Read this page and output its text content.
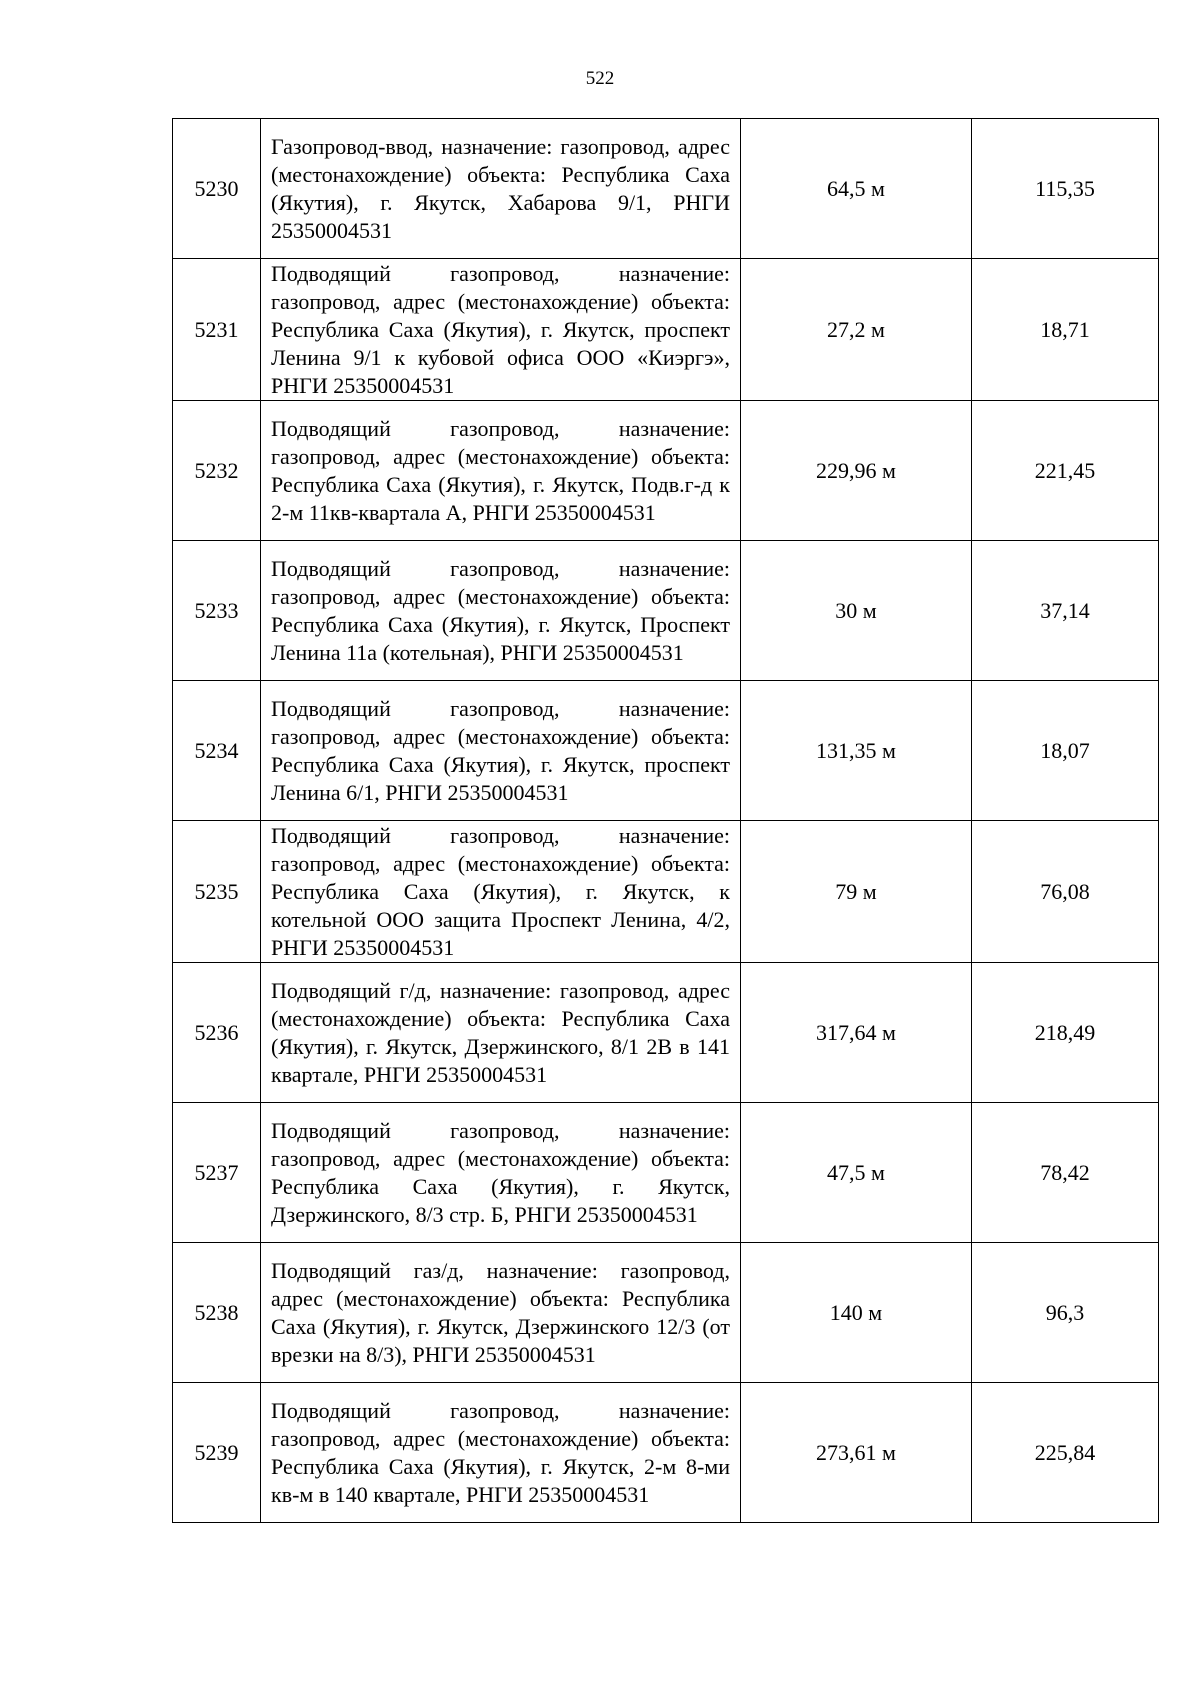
522
5230	Газопровод-ввод, назначение: газопровод, адрес (местонахождение) объекта: Республика Саха (Якутия), г. Якутск, Хабарова 9/1, РНГИ 25350004531	64,5 м	115,35
5231	Подводящий газопровод, назначение: газопровод, адрес (местонахождение) объекта: Республика Саха (Якутия), г. Якутск, проспект Ленина 9/1 к кубовой офиса ООО «Киэргэ», РНГИ 25350004531	27,2 м	18,71
5232	Подводящий газопровод, назначение: газопровод, адрес (местонахождение) объекта: Республика Саха (Якутия), г. Якутск, Подв.г-д к 2-м 11кв-квартала А, РНГИ 25350004531	229,96 м	221,45
5233	Подводящий газопровод, назначение: газопровод, адрес (местонахождение) объекта: Республика Саха (Якутия), г. Якутск, Проспект Ленина 11а (котельная), РНГИ 25350004531	30 м	37,14
5234	Подводящий газопровод, назначение: газопровод, адрес (местонахождение) объекта: Республика Саха (Якутия), г. Якутск, проспект Ленина 6/1, РНГИ 25350004531	131,35 м	18,07
5235	Подводящий газопровод, назначение: газопровод, адрес (местонахождение) объекта: Республика Саха (Якутия), г. Якутск, к котельной ООО защита Проспект Ленина, 4/2, РНГИ 25350004531	79 м	76,08
5236	Подводящий г/д, назначение: газопровод, адрес (местонахождение) объекта: Республика Саха (Якутия), г. Якутск, Дзержинского, 8/1 2В в 141 квартале, РНГИ 25350004531	317,64 м	218,49
5237	Подводящий газопровод, назначение: газопровод, адрес (местонахождение) объекта: Республика Саха (Якутия), г. Якутск, Дзержинского, 8/3 стр. Б, РНГИ 25350004531	47,5 м	78,42
5238	Подводящий газ/д, назначение: газопровод, адрес (местонахождение) объекта: Республика Саха (Якутия), г. Якутск, Дзержинского 12/3 (от врезки на 8/3), РНГИ 25350004531	140 м	96,3
5239	Подводящий газопровод, назначение: газопровод, адрес (местонахождение) объекта: Республика Саха (Якутия), г. Якутск, 2-м 8-ми кв-м в 140 квартале, РНГИ 25350004531	273,61 м	225,84
